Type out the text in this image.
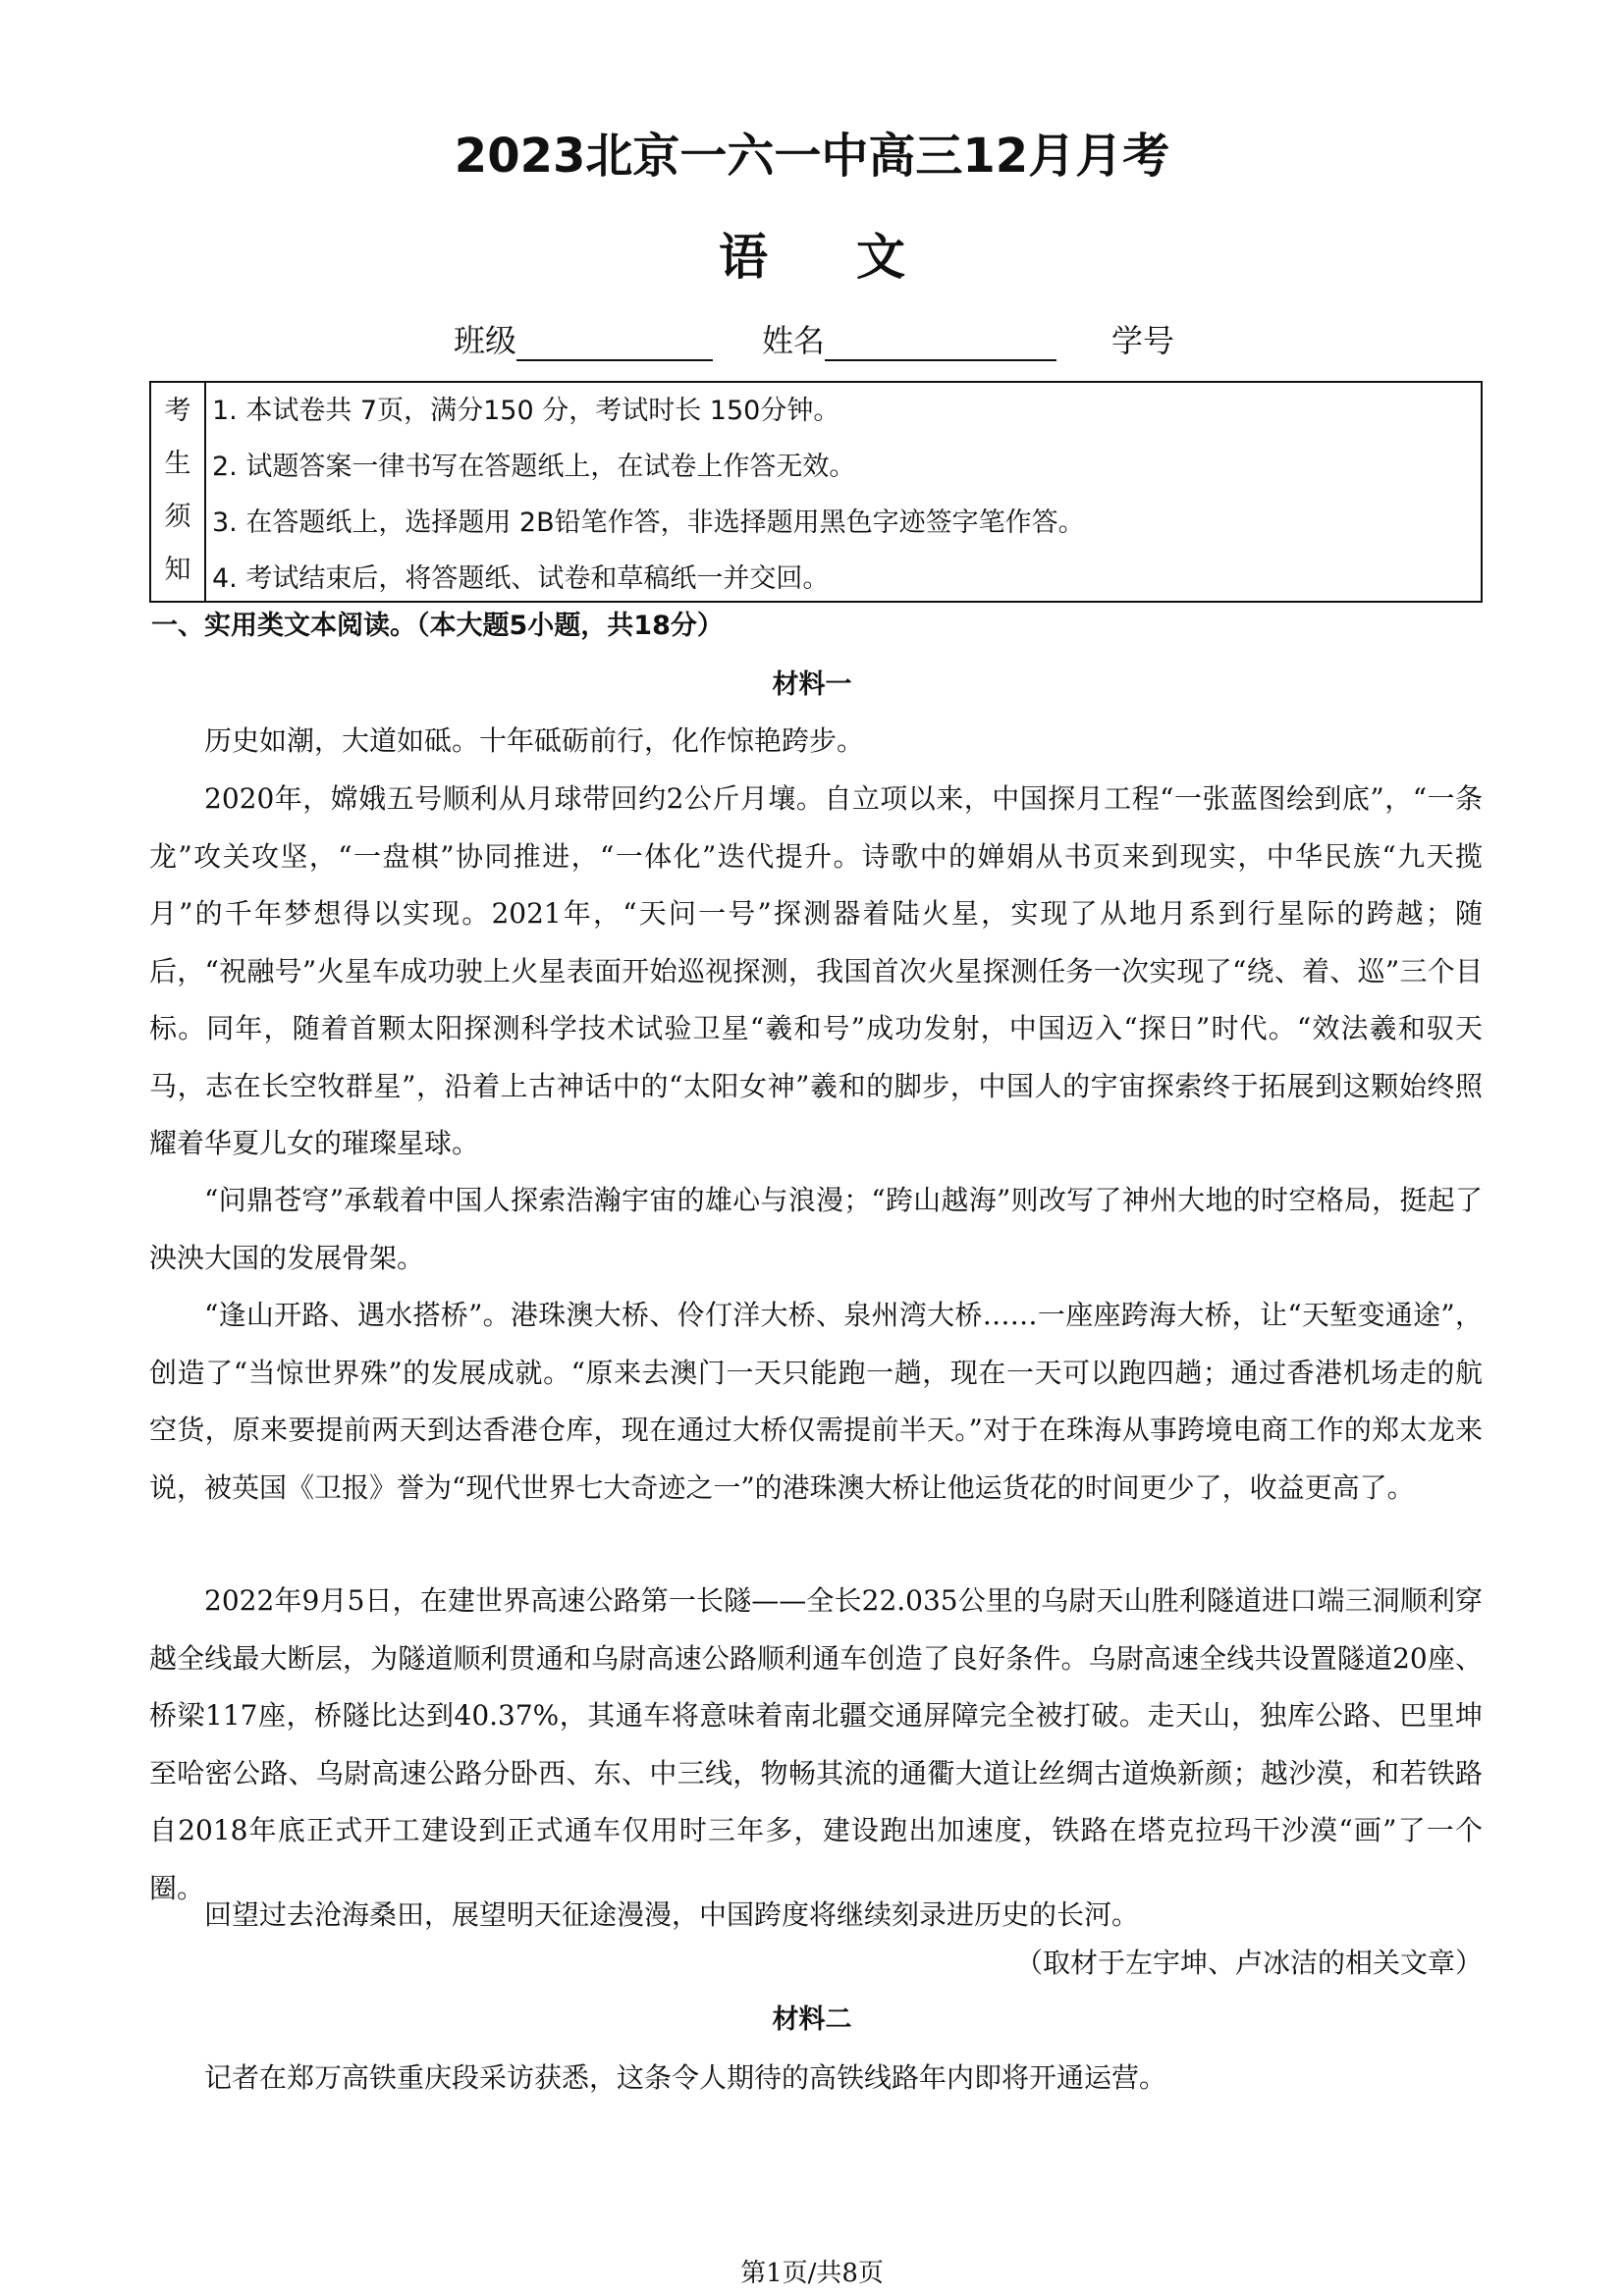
2023北京一六一中高三12月月考
语文
班级	姓名	学号
考
生
须
知
1. 本试卷共 7页，满分150 分，考试时长 150分钟。
2. 试题答案一律书写在答题纸上，在试卷上作答无效。
3. 在答题纸上，选择题用 2B铅笔作答，非选择题用黑色字迹签字笔作答。
4. 考试结束后，将答题纸、试卷和草稿纸一并交回。
一、实用类文本阅读。（本大题5小题，共18分）
材料一

历史如潮，大道如砥。十年砥砺前行，化作惊艳跨步。

2020年，嫦娥五号顺利从月球带回约2公斤月壤。自立项以来，中国探月工程“一张蓝图绘到底”，“一条龙”攻关攻坚，“一盘棋”协同推进，“一体化”迭代提升。诗歌中的婵娟从书页来到现实，中华民族“九天揽月”的千年梦想得以实现。2021年，“天问一号”探测器着陆火星，实现了从地月系到行星际的跨越；随后，“祝融号”火星车成功驶上火星表面开始巡视探测，我国首次火星探测任务一次实现了“绕、着、巡”三个目标。同年，随着首颗太阳探测科学技术试验卫星“羲和号”成功发射，中国迈入“探日”时代。“效法羲和驭天马，志在长空牧群星”，沿着上古神话中的“太阳女神”羲和的脚步，中国人的宇宙探索终于拓展到这颗始终照耀着华夏儿女的璀璨星球。

“问鼎苍穹”承载着中国人探索浩瀚宇宙的雄心与浪漫；“跨山越海”则改写了神州大地的时空格局，挺起了泱泱大国的发展骨架。

“逢山开路、遇水搭桥”。港珠澳大桥、伶仃洋大桥、泉州湾大桥……一座座跨海大桥，让“天堑变通途”，创造了“当惊世界殊”的发展成就。“原来去澳门一天只能跑一趟，现在一天可以跑四趟；通过香港机场走的航空货，原来要提前两天到达香港仓库，现在通过大桥仅需提前半天。”对于在珠海从事跨境电商工作的郑太龙来说，被英国《卫报》誉为“现代世界七大奇迹之一”的港珠澳大桥让他运货花的时间更少了，收益更高了。

2022年9月5日，在建世界高速公路第一长隧——全长22.035公里的乌尉天山胜利隧道进口端三洞顺利穿越全线最大断层，为隧道顺利贯通和乌尉高速公路顺利通车创造了良好条件。乌尉高速全线共设置隧道20座、桥梁117座，桥隧比达到40.37%，其通车将意味着南北疆交通屏障完全被打破。走天山，独库公路、巴里坤至哈密公路、乌尉高速公路分卧西、东、中三线，物畅其流的通衢大道让丝绸古道焕新颜；越沙漠，和若铁路自2018年底正式开工建设到正式通车仅用时三年多，建设跑出加速度，铁路在塔克拉玛干沙漠“画”了一个圈。

回望过去沧海桑田，展望明天征途漫漫，中国跨度将继续刻录进历史的长河。

（取材于左宇坤、卢冰洁的相关文章）
材料二

记者在郑万高铁重庆段采访获悉，这条令人期待的高铁线路年内即将开通运营。

第1页/共8页
